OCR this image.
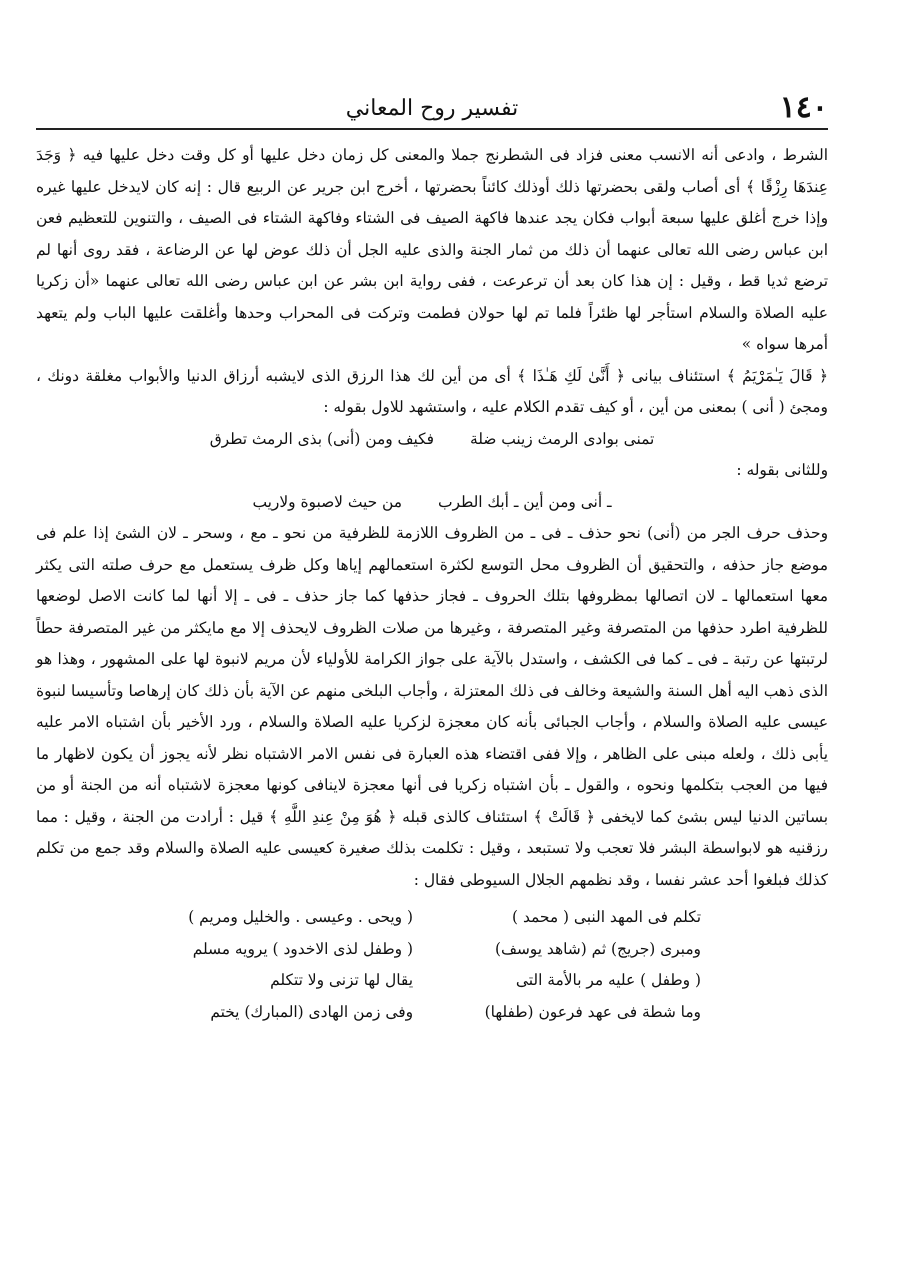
١٤٠
تفسير روح المعاني

الشرط ، وادعى أنه الانسب معنى فزاد فى الشطرنج جملا والمعنى كل زمان دخل عليها أو كل وقت دخل عليها فيه ﴿ وَجَدَ عِندَهَا رِزْقًا ﴾ أى أصاب ولقى بحضرتها ذلك أوذلك كائناً بحضرتها ، أخرج ابن جرير عن الربيع قال : إنه كان لايدخل عليها غيره وإذا خرج أغلق عليها سبعة أبواب فكان يجد عندها فاكهة الصيف فى الشتاء وفاكهة الشتاء فى الصيف ، والتنوين للتعظيم فعن ابن عباس رضى الله تعالى عنهما أن ذلك من ثمار الجنة والذى عليه الجل أن ذلك عوض لها عن الرضاعة ، فقد روى أنها لم ترضع ثديا قط ، وقيل : إن هذا كان بعد أن ترعرعت ، ففى رواية ابن بشر عن ابن عباس رضى الله تعالى عنهما «أن زكريا عليه الصلاة والسلام استأجر لها ظئراً فلما تم لها حولان فطمت وتركت فى المحراب وحدها وأغلقت عليها الباب ولم يتعهد أمرها سواه »

﴿ قَالَ يَـٰمَرْيَمُ ﴾ استئناف بيانى ﴿ أَنَّىٰ لَكِ هَـٰذَا ﴾ أى من أين لك هذا الرزق الذى لايشبه أرزاق الدنيا والأبواب مغلقة دونك ، ومجئ ( أنى ) بمعنى من أين ، أو كيف تقدم الكلام عليه ، واستشهد للاول بقوله :

تمنى بوادى الرمث زينب ضلة
فكيف ومن (أنى) بذى الرمث تطرق

وللثانى بقوله :

ـ أنى ومن أين ـ أبك الطرب
من حيث لاصبوة ولاريب

وحذف حرف الجر من (أنى) نحو حذف ـ فى ـ من الظروف اللازمة للظرفية من نحو ـ مع ، وسحر ـ لان الشئ إذا علم فى موضع جاز حذفه ، والتحقيق أن الظروف محل التوسع لكثرة استعمالهم إياها وكل ظرف يستعمل مع حرف صلته التى يكثر معها استعمالها ـ لان اتصالها بمظروفها بتلك الحروف ـ فجاز حذفها كما جاز حذف ـ فى ـ إلا أنها لما كانت الاصل لوضعها للظرفية اطرد حذفها من المتصرفة وغير المتصرفة ، وغيرها من صلات الظروف لايحذف إلا مع مايكثر من غير المتصرفة حطاً لرتبتها عن رتبة ـ فى ـ كما فى الكشف ، واستدل بالآية على جواز الكرامة للأولياء لأن مريم لانبوة لها على المشهور ، وهذا هو الذى ذهب اليه أهل السنة والشيعة وخالف فى ذلك المعتزلة ، وأجاب البلخى منهم عن الآية بأن ذلك كان إرهاصا وتأسيسا لنبوة عيسى عليه الصلاة والسلام ، وأجاب الجبائى بأنه كان معجزة لزكريا عليه الصلاة والسلام ، ورد الأخير بأن اشتباه الامر عليه يأبى ذلك ، ولعله مبنى على الظاهر ، وإلا ففى اقتضاء هذه العبارة فى نفس الامر الاشتباه نظر لأنه يجوز أن يكون لاظهار ما فيها من العجب بتكلمها ونحوه ، والقول ـ بأن اشتباه زكريا فى أنها معجزة لاينافى كونها معجزة لاشتباه أنه من الجنة أو من بساتين الدنيا ليس بشئ كما لايخفى ﴿ قَالَتْ ﴾ استئناف كالذى قبله ﴿ هُوَ مِنْ عِندِ اللَّهِ ﴾ قيل : أرادت من الجنة ، وقيل : مما رزقنيه هو لابواسطة البشر فلا تعجب ولا تستبعد ، وقيل : تكلمت بذلك صغيرة كعيسى عليه الصلاة والسلام وقد جمع من تكلم كذلك فبلغوا أحد عشر نفسا ، وقد نظمهم الجلال السيوطى فقال :

تكلم فى المهد النبى ( محمد )
( ويحى . وعيسى . والخليل ومريم )
ومبرى (جريج) ثم (شاهد يوسف)
( وطفل لذى الاخدود ) يرويه مسلم
( وطفل ) عليه مر بالأمة التى
يقال لها تزنى ولا تتكلم
وما شطة فى عهد فرعون (طفلها)
وفى زمن الهادى (المبارك) يختم
